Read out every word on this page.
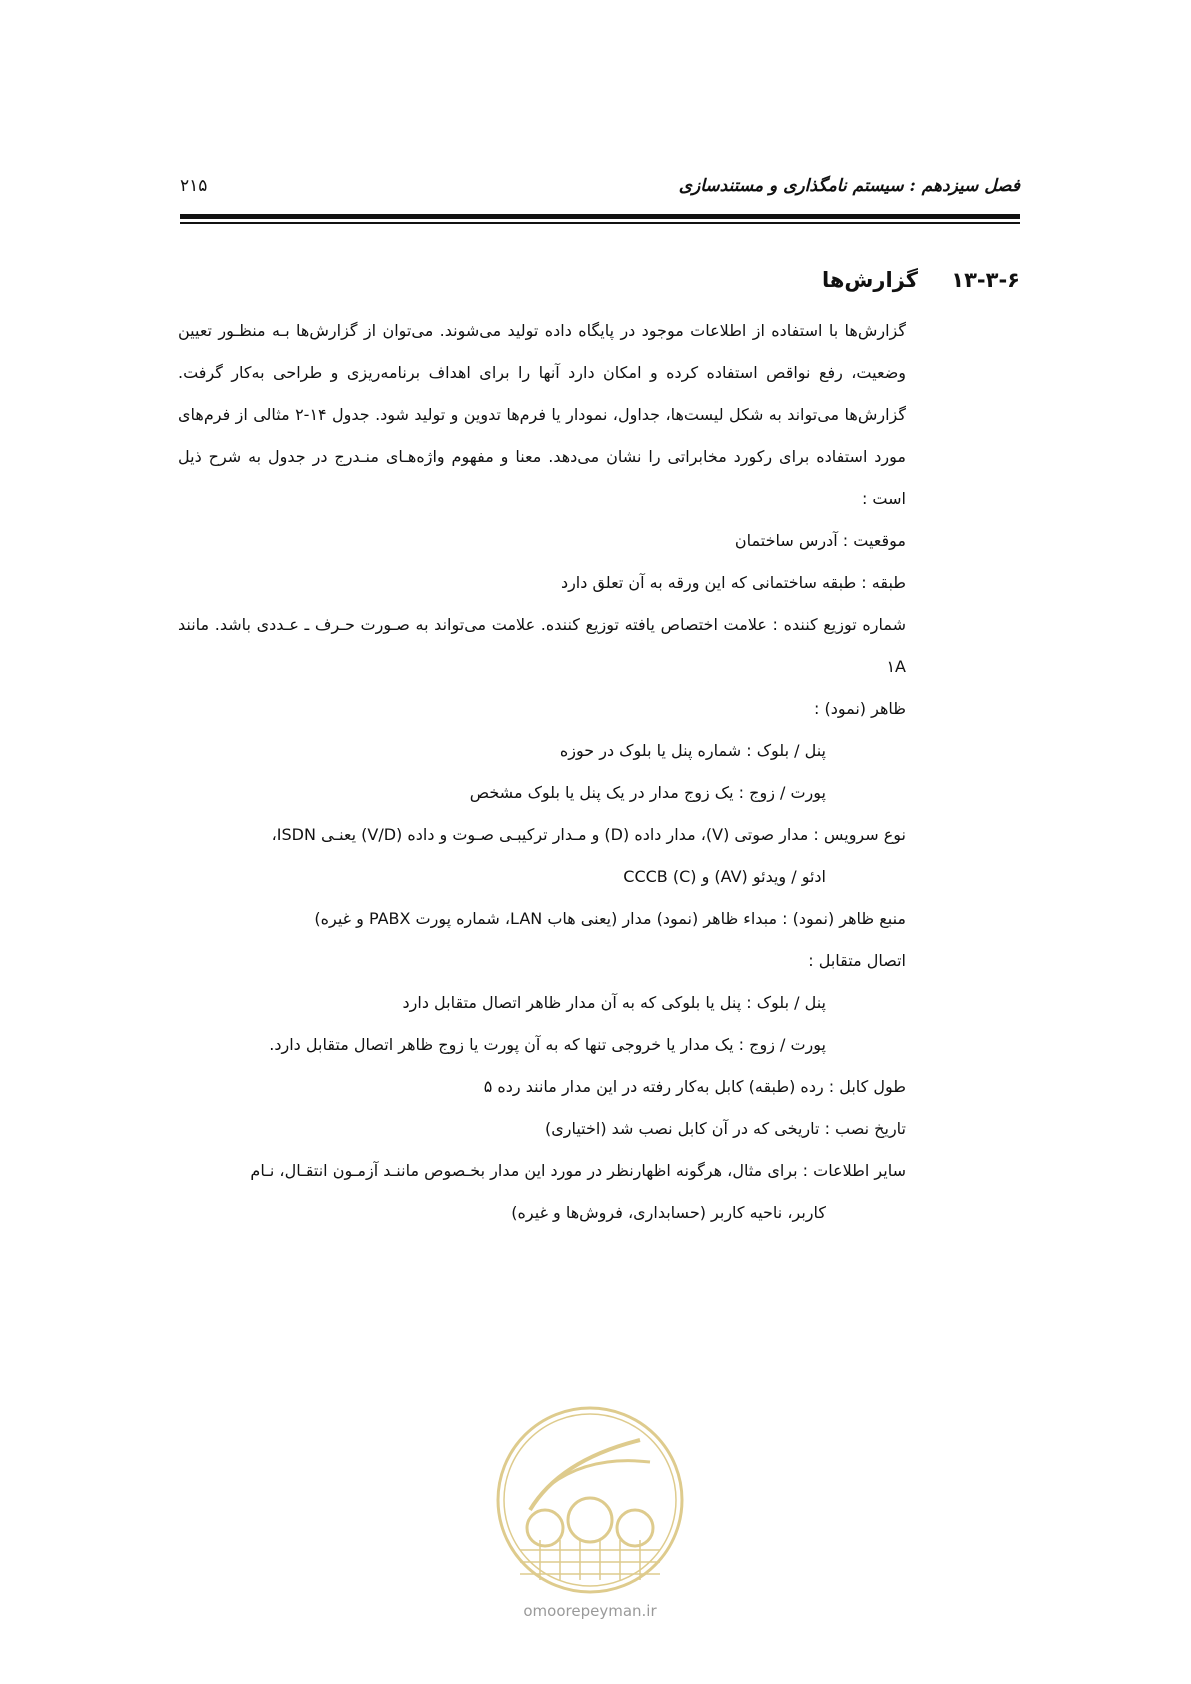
فصل سیزدهم : سیستم نامگذاری و مستندسازی
۲۱۵
۱۳-۳-۶ گزارش‌ها

گزارش‌ها با استفاده از اطلاعات موجود در پایگاه داده تولید می‌شوند. می‌توان از گزارش‌ها بـه منظـور تعیین وضعیت، رفع نواقص استفاده کرده و امکان دارد آنها را برای اهداف برنامه‌ریزی و طراحی به‌کار گرفت. گزارش‌ها می‌تواند به شکل لیست‌ها، جداول، نمودار یا فرم‌ها تدوین و تولید شود. جدول ۱۴-۲ مثالی از فرم‌های مورد استفاده برای رکورد مخابراتی را نشان می‌دهد. معنا و مفهوم واژه‌هـای منـدرج در جدول به شرح ذیل است :

موقعیت : آدرس ساختمان

طبقه : طبقه ساختمانی که این ورقه به آن تعلق دارد

شماره توزیع کننده : علامت اختصاص یافته توزیع کننده. علامت می‌تواند به صـورت حـرف ـ عـددی باشد. مانند ۱A

ظاهر (نمود) :

پنل / بلوک : شماره پنل یا بلوک در حوزه

پورت / زوج : یک زوج مدار در یک پنل یا بلوک مشخص

نوع سرویس : مدار صوتی (V)، مدار داده (D) و مـدار ترکیبـی صـوت و داده (V/D) یعنـی ISDN،

ادئو / ویدئو (AV) و CCCB (C)

منبع ظاهر (نمود) : مبداء ظاهر (نمود) مدار (یعنی هاب LAN، شماره پورت PABX و غیره)

اتصال متقابل :

پنل / بلوک : پنل یا بلوکی که به آن مدار ظاهر اتصال متقابل دارد

پورت / زوج : یک مدار یا خروجی تنها که به آن پورت یا زوج ظاهر اتصال متقابل دارد.

طول کابل : رده (طبقه) کابل به‌کار رفته در این مدار مانند رده ۵

تاریخ نصب : تاریخی که در آن کابل نصب شد (اختیاری)

سایر اطلاعات : برای مثال، هرگونه اظهارنظر در مورد این مدار بخـصوص ماننـد آزمـون انتقـال، نـام

کاربر، ناحیه کاربر (حسابداری، فروش‌ها و غیره)

omoorepeyman.ir
